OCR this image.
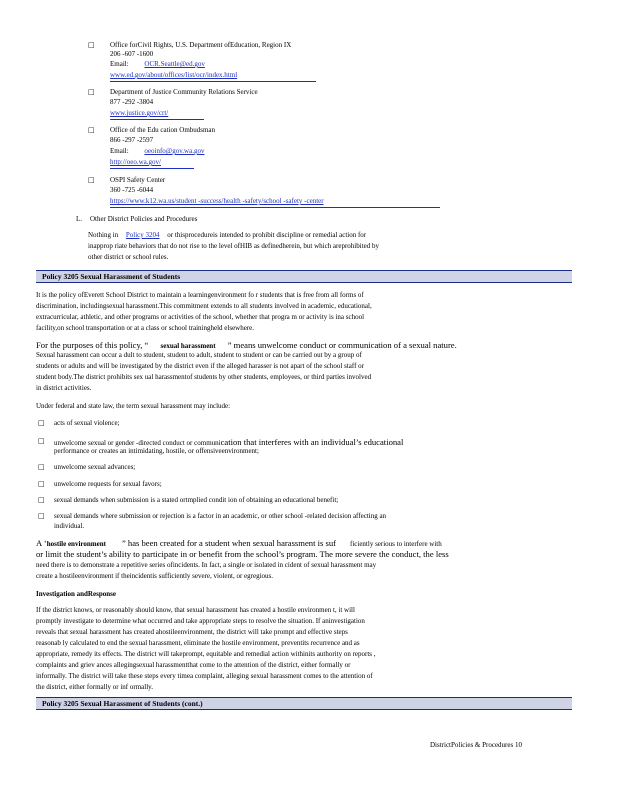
□ Office forCivil Rights, U.S. Department ofEducation, Region IX
206 -607 -1600
Email: OCR.Seattle@ed.gov
www.ed.gov/about/offices/list/ocr/index.html
□ Department of Justice Community Relations Service
877 -292 -3804
www.justice.gov/crt/
□ Office of the Edu cation Ombudsman
866 -297 -2597
Email: oeoinfo@gov.wa.gov
http://oeo.wa.gov/
□ OSPI Safety Center
360 -725 -6044
https://www.k12.wa.us/student -success/health -safety/school -safety -center
L. Other District Policies and Procedures
Nothing in Policy 3204 or thisprocedureis intended to prohibit discipline or remedial action for
inapprop riate behaviors that do not rise to the level ofHIB as definedherein, but which areprohibited by
other district or school rules.
Policy 3205 Sexual Harassment of Students
It is the policy ofEverett School District to maintain a learningenvironment fo r students that is free from all forms of
discrimination, includingsexual harassment.This commitment extends to all students involved in academic, educational,
extracurricular, athletic, and other programs or activities of the school, whether that progra m or activity is ina school
facility,on school transportation or at a class or school trainingheld elsewhere.
For the purposes of this policy, “ sexual harassment ” means unwelcome conduct or communication of a sexual nature.
Sexual harassment can occur a dult to student, student to adult, student to student or can be carried out by a group of
students or adults and will be investigated by the district even if the alleged harasser is not apart of the school staff or
student body.The district prohibits sex ual harassmentof students by other students, employees, or third parties involved
in district activities.
Under federal and state law, the term sexual harassment may include:
□ acts of sexual violence;
□ unwelcome sexual or gender -directed conduct or communication that interferes with an individual’s educational
performance or creates an intimidating, hostile, or offensiveenvironment;
□ unwelcome sexual advances;
□ unwelcome requests for sexual favors;
□ sexual demands when submission is a stated ortmplied condit ion of obtaining an educational benefit;
□ sexual demands where submission or rejection is a factor in an academic, or other school -related decision affecting an
individual.
A ‘hostile environment ” has been created for a student when sexual harassment is suf ficiently serious to interfere with
or limit the student’s ability to participate in or benefit from the school’s program. The more severe the conduct, the less
need there is to demonstrate a repetitive series ofincidents. In fact, a single or isolated in cident of sexual harassment may
create a hostileenvironment if theincidentis sufficiently severe, violent, or egregious.
Investigation andResponse
If the district knows, or reasonably should know, that sexual harassment has created a hostile environmen t, it will
promptly investigate to determine what occurred and take appropriate steps to resolve the situation. If aninvestigation
reveals that sexual harassment has created ahostileenvironment, the district will take prompt and effective steps
reasonab ly calculated to end the sexual harassment, eliminate the hostile environment, preventits recurrence and as
appropriate, remedy its effects. The district will takeprompt, equitable and remedial action withinits authority on reports ,
complaints and griev ances allegingsexual harassmentthat come to the attention of the district, either formally or
informally. The district will take these steps every timea complaint, alleging sexual harassment comes to the attention of
the district, either formally or inf ormally.
Policy 3205 Sexual Harassment of Students (cont.)
DistrictPolicies & Procedures 10
